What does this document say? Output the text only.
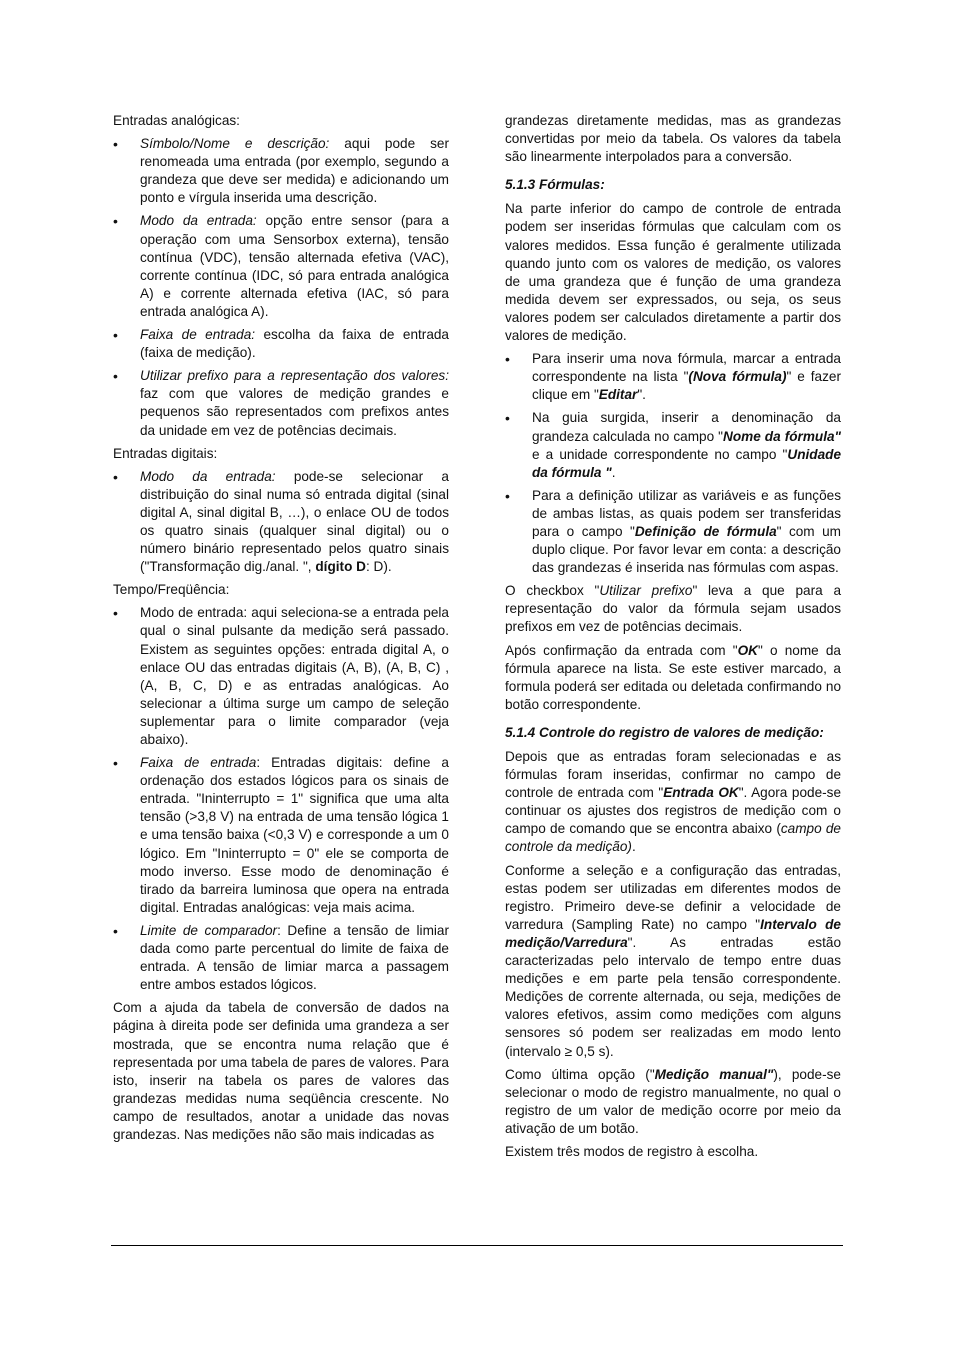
Entradas analógicas:

• Símbolo/Nome e descrição: aqui pode ser renomeada uma entrada (por exemplo, segundo a grandeza que deve ser medida) e adicionando um ponto e vírgula inserida uma descrição.
• Modo da entrada: opção entre sensor (para a operação com uma Sensorbox externa), tensão contínua (VDC), tensão alternada efetiva (VAC), corrente contínua (IDC, só para entrada analógica A) e corrente alternada efetiva (IAC, só para entrada analógica A).
• Faixa de entrada: escolha da faixa de entrada (faixa de medição).
• Utilizar prefixo para a representação dos valores: faz com que valores de medição grandes e pequenos são representados com prefixos antes da unidade em vez de potências decimais.

Entradas digitais:

• Modo da entrada: pode-se selecionar a distribuição do sinal numa só entrada digital (sinal digital A, sinal digital B, …), o enlace OU de todos os quatro sinais (qualquer sinal digital) ou o número binário representado pelos quatro sinais ("Transformação dig./anal. ", dígito D: D).

Tempo/Freqüência:

• Modo de entrada: aqui seleciona-se a entrada pela qual o sinal pulsante da medição será passado. Existem as seguintes opções: entrada digital A, o enlace OU das entradas digitais (A, B), (A, B, C) ,(A, B, C, D) e as entradas analógicas. Ao selecionar a última surge um campo de seleção suplementar para o limite comparador (veja abaixo).
• Faixa de entrada: Entradas digitais: define a ordenação dos estados lógicos para os sinais de entrada. "Ininterrupto = 1" significa que uma alta tensão (>3,8 V) na entrada de uma tensão lógica 1 e uma tensão baixa (<0,3 V) e corresponde a um 0 lógico. Em "Ininterrupto = 0" ele se comporta de modo inverso. Esse modo de denominação é tirado da barreira luminosa que opera na entrada digital. Entradas analógicas: veja mais acima.
• Limite de comparador: Define a tensão de limiar dada como parte percentual do limite de faixa de entrada. A tensão de limiar marca a passagem entre ambos estados lógicos.

Com a ajuda da tabela de conversão de dados na página à direita pode ser definida uma grandeza a ser mostrada, que se encontra numa relação que é representada por uma tabela de pares de valores. Para isto, inserir na tabela os pares de valores das grandezas medidas numa seqüência crescente. No campo de resultados, anotar a unidade das novas grandezas. Nas medições não são mais indicadas as

grandezas diretamente medidas, mas as grandezas convertidas por meio da tabela. Os valores da tabela são linearmente interpolados para a conversão.

5.1.3 Fórmulas:

Na parte inferior do campo de controle de entrada podem ser inseridas fórmulas que calculam com os valores medidos. Essa função é geralmente utilizada quando junto com os valores de medição, os valores de uma grandeza que é função de uma grandeza medida devem ser expressados, ou seja, os seus valores podem ser calculados diretamente a partir dos valores de medição.

• Para inserir uma nova fórmula, marcar a entrada correspondente na lista "(Nova fórmula)" e fazer clique em "Editar".
• Na guia surgida, inserir a denominação da grandeza calculada no campo "Nome da fórmula" e a unidade correspondente no campo "Unidade da fórmula ".
• Para a definição utilizar as variáveis e as funções de ambas listas, as quais podem ser transferidas para o campo "Definição de fórmula" com um duplo clique. Por favor levar em conta: a descrição das grandezas é inserida nas fórmulas com aspas.

O checkbox "Utilizar prefixo" leva a que para a representação do valor da fórmula sejam usados prefixos em vez de potências decimais.

Após confirmação da entrada com "OK" o nome da fórmula aparece na lista. Se este estiver marcado, a formula poderá ser editada ou deletada confirmando no botão correspondente.

5.1.4 Controle do registro de valores de medição:

Depois que as entradas foram selecionadas e as fórmulas foram inseridas, confirmar no campo de controle de entrada com "Entrada OK". Agora pode-se continuar os ajustes dos registros de medição com o campo de comando que se encontra abaixo (campo de controle da medição).

Conforme a seleção e a configuração das entradas, estas podem ser utilizadas em diferentes modos de registro. Primeiro deve-se definir a velocidade de varredura (Sampling Rate) no campo "Intervalo de medição/Varredura". As entradas estão caracterizadas pelo intervalo de tempo entre duas medições e em parte pela tensão correspondente. Medições de corrente alternada, ou seja, medições de valores efetivos, assim como medições com alguns sensores só podem ser realizadas em modo lento (intervalo ≥ 0,5 s).

Como última opção ("Medição manual"), pode-se selecionar o modo de registro manualmente, no qual o registro de um valor de medição ocorre por meio da ativação de um botão.

Existem três modos de registro à escolha.
